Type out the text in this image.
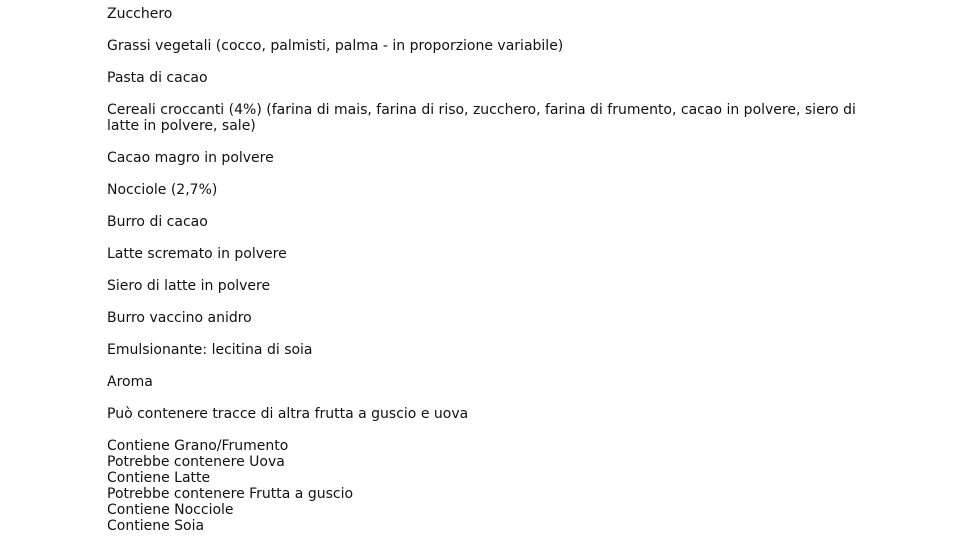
Zucchero
Grassi vegetali (cocco, palmisti, palma - in proporzione variabile)
Pasta di cacao
Cereali croccanti (4%) (farina di mais, farina di riso, zucchero, farina di frumento, cacao in polvere, siero di latte in polvere, sale)
Cacao magro in polvere
Nocciole (2,7%)
Burro di cacao
Latte scremato in polvere
Siero di latte in polvere
Burro vaccino anidro
Emulsionante: lecitina di soia
Aroma
Può contenere tracce di altra frutta a guscio e uova
Contiene Grano/Frumento
Potrebbe contenere Uova
Contiene Latte
Potrebbe contenere Frutta a guscio
Contiene Nocciole
Contiene Soia
